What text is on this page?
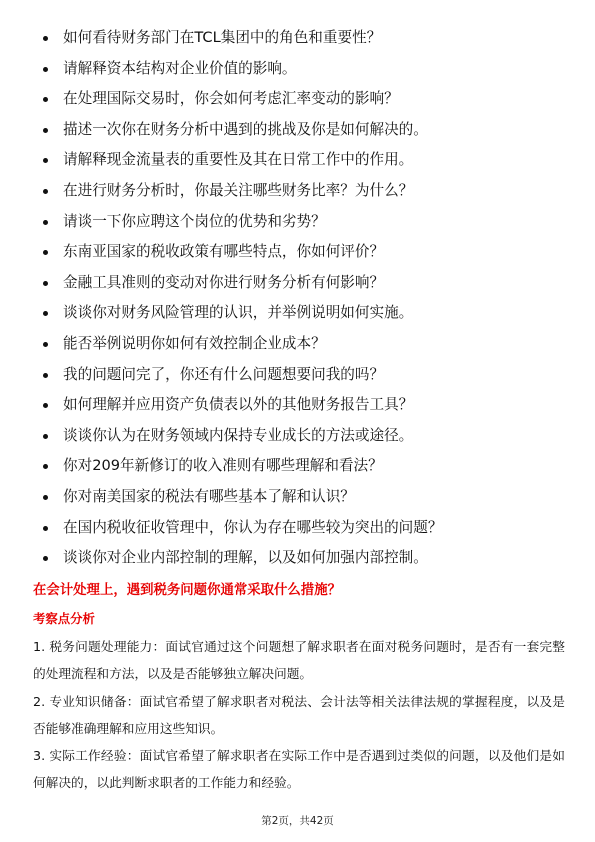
如何看待财务部门在TCL集团中的角色和重要性？
请解释资本结构对企业价值的影响。
在处理国际交易时，你会如何考虑汇率变动的影响？
描述一次你在财务分析中遇到的挑战及你是如何解决的。
请解释现金流量表的重要性及其在日常工作中的作用。
在进行财务分析时，你最关注哪些财务比率？为什么？
请谈一下你应聘这个岗位的优势和劣势？
东南亚国家的税收政策有哪些特点，你如何评价？
金融工具准则的变动对你进行财务分析有何影响？
谈谈你对财务风险管理的认识，并举例说明如何实施。
能否举例说明你如何有效控制企业成本？
我的问题问完了，你还有什么问题想要问我的吗？
如何理解并应用资产负债表以外的其他财务报告工具？
谈谈你认为在财务领域内保持专业成长的方法或途径。
你对209年新修订的收入准则有哪些理解和看法？
你对南美国家的税法有哪些基本了解和认识？
在国内税收征收管理中，你认为存在哪些较为突出的问题？
谈谈你对企业内部控制的理解，以及如何加强内部控制。
在会计处理上，遇到税务问题你通常采取什么措施？
考察点分析

1. 税务问题处理能力：面试官通过这个问题想了解求职者在面对税务问题时，是否有一套完整的处理流程和方法，以及是否能够独立解决问题。

2. 专业知识储备：面试官希望了解求职者对税法、会计法等相关法律法规的掌握程度，以及是否能够准确理解和应用这些知识。

3. 实际工作经验：面试官希望了解求职者在实际工作中是否遇到过类似的问题，以及他们是如何解决的，以此判断求职者的工作能力和经验。

第2页，共42页
